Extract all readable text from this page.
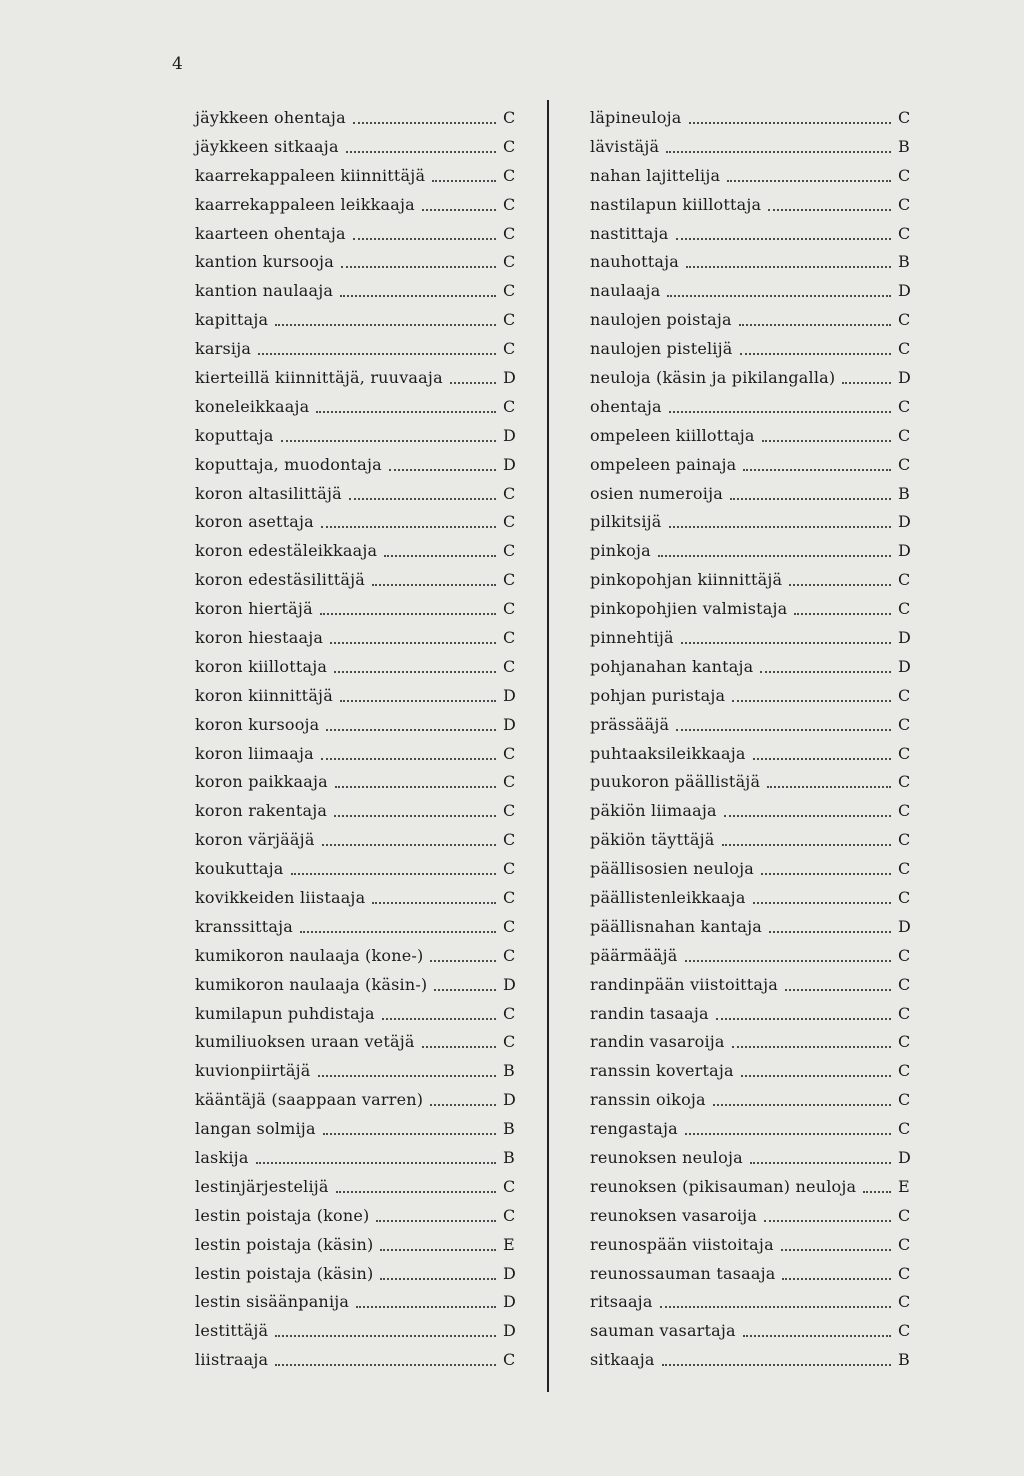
4
jäykkeen ohentaja	C
jäykkeen sitkaaja	C
kaarrekappaleen kiinnittäjä	C
kaarrekappaleen leikkaaja	C
kaarteen ohentaja	C
kantion kursooja	C
kantion naulaaja	C
kapittaja	C
karsija	C
kierteillä kiinnittäjä, ruuvaaja	D
koneleikkaaja	C
koputtaja	D
koputtaja, muodontaja	D
koron altasilittäjä	C
koron asettaja	C
koron edestäleikkaaja	C
koron edestäsilittäjä	C
koron hiertäjä	C
koron hiestaaja	C
koron kiillottaja	C
koron kiinnittäjä	D
koron kursooja	D
koron liimaaja	C
koron paikkaaja	C
koron rakentaja	C
koron värjääjä	C
koukuttaja	C
kovikkeiden liistaaja	C
kranssittaja	C
kumikoron naulaaja (kone-)	C
kumikoron naulaaja (käsin-)	D
kumilapun puhdistaja	C
kumiliuoksen uraan vetäjä	C
kuvionpiirtäjä	B
kääntäjä (saappaan varren)	D
langan solmija	B
laskija	B
lestinjärjestelijä	C
lestin poistaja (kone)	C
lestin poistaja (käsin)	E
lestin poistaja (käsin)	D
lestin sisäänpanija	D
lestittäjä	D
liistraaja	C
läpineuloja	C
lävistäjä	B
nahan lajittelija	C
nastilapun kiillottaja	C
nastittaja	C
nauhottaja	B
naulaaja	D
naulojen poistaja	C
naulojen pistelijä	C
neuloja (käsin ja pikilangalla)	D
ohentaja	C
ompeleen kiillottaja	C
ompeleen painaja	C
osien numeroija	B
pilkitsijä	D
pinkoja	D
pinkopohjan kiinnittäjä	C
pinkopohjien valmistaja	C
pinnehtijä	D
pohjanahan kantaja	D
pohjan puristaja	C
prässääjä	C
puhtaaksileikkaaja	C
puukoron päällistäjä	C
päkiön liimaaja	C
päkiön täyttäjä	C
päällisosien neuloja	C
päällistenleikkaaja	C
päällisnahan kantaja	D
päärmääjä	C
randinpään viistoittaja	C
randin tasaaja	C
randin vasaroija	C
ranssin kovertaja	C
ranssin oikoja	C
rengastaja	C
reunoksen neuloja	D
reunoksen (pikisauman) neuloja	E
reunoksen vasaroija	C
reunospään viistoitaja	C
reunossauman tasaaja	C
ritsaaja	C
sauman vasartaja	C
sitkaaja	B
